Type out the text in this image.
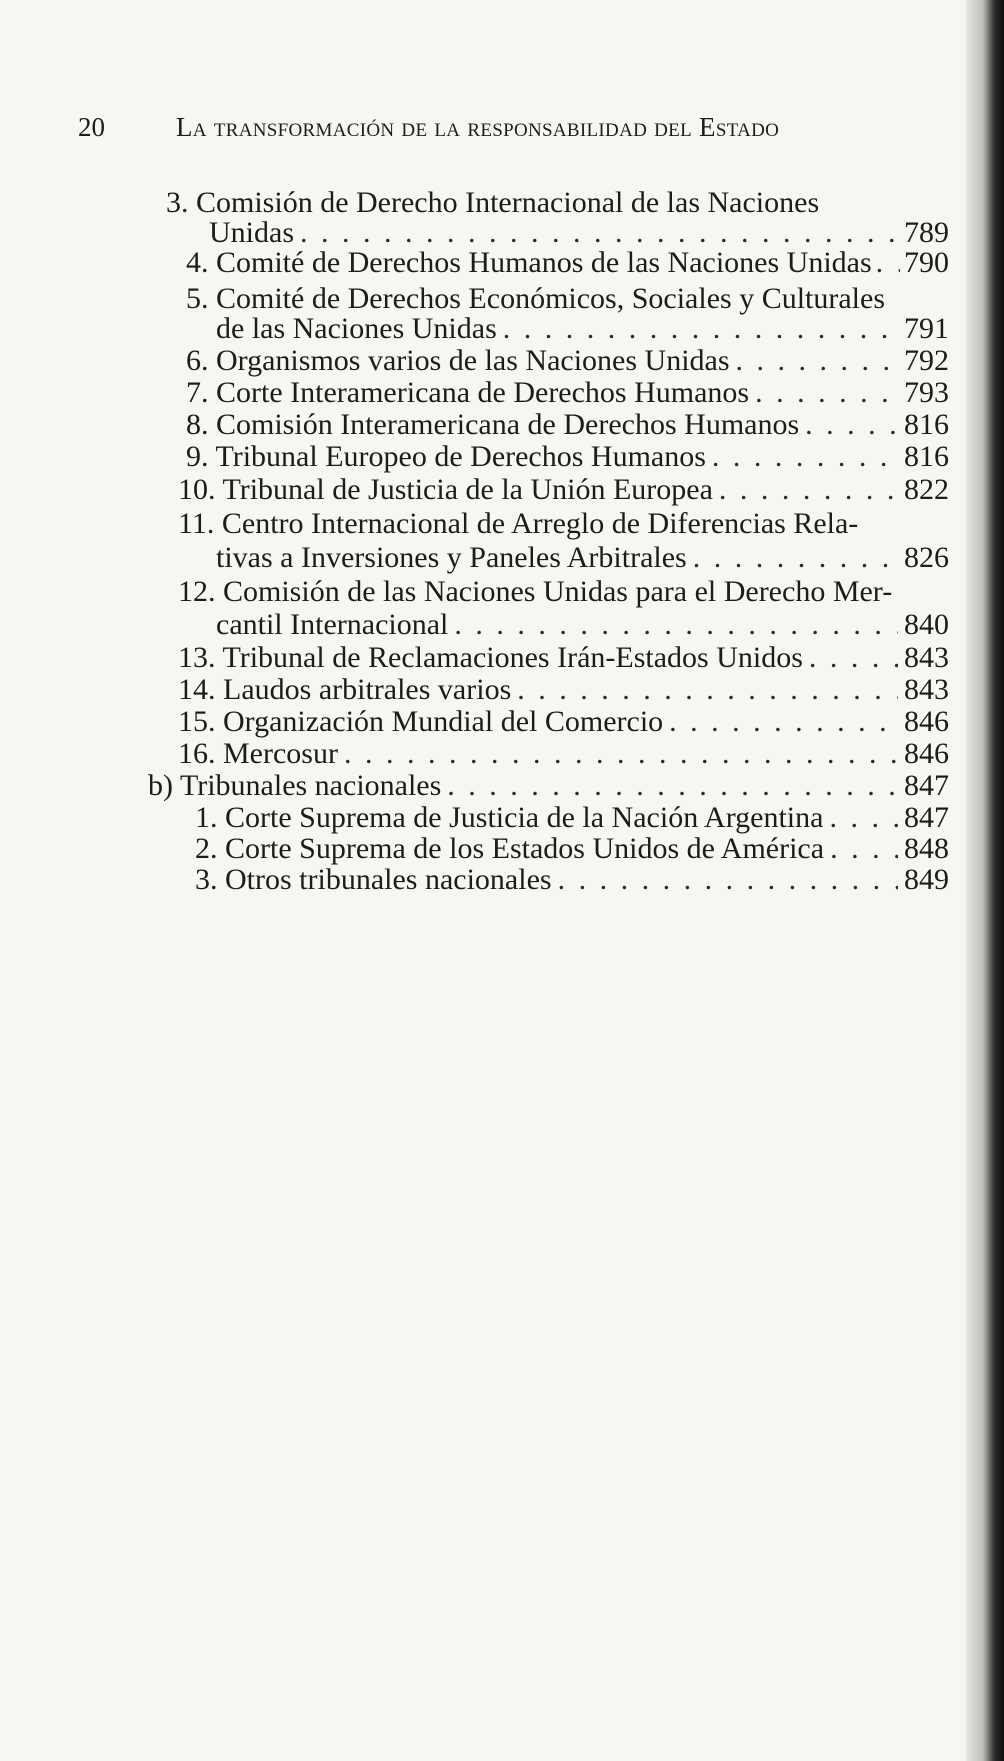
20	La transformación de la responsabilidad del Estado
3. Comisión de Derecho Internacional de las Naciones
Unidas . . .	789
4. Comité de Derechos Humanos de las Naciones Unidas . . . 790
5. Comité de Derechos Económicos, Sociales y Culturales
de las Naciones Unidas . . .	791
6. Organismos varios de las Naciones Unidas . . .	792
7. Corte Interamericana de Derechos Humanos . . .	793
8. Comisión Interamericana de Derechos Humanos . . .	816
9. Tribunal Europeo de Derechos Humanos . . .	816
10. Tribunal de Justicia de la Unión Europea . . .	822
11. Centro Internacional de Arreglo de Diferencias Rela-
tivas a Inversiones y Paneles Arbitrales . . .	826
12. Comisión de las Naciones Unidas para el Derecho Mer-
cantil Internacional . . .	840
13. Tribunal de Reclamaciones Irán-Estados Unidos . . .	843
14. Laudos arbitrales varios . . .	843
15. Organización Mundial del Comercio . . .	846
16. Mercosur . . .	846
b) Tribunales nacionales . . .	847
1. Corte Suprema de Justicia de la Nación Argentina . . .	847
2. Corte Suprema de los Estados Unidos de América . . .	848
3. Otros tribunales nacionales . . .	849
